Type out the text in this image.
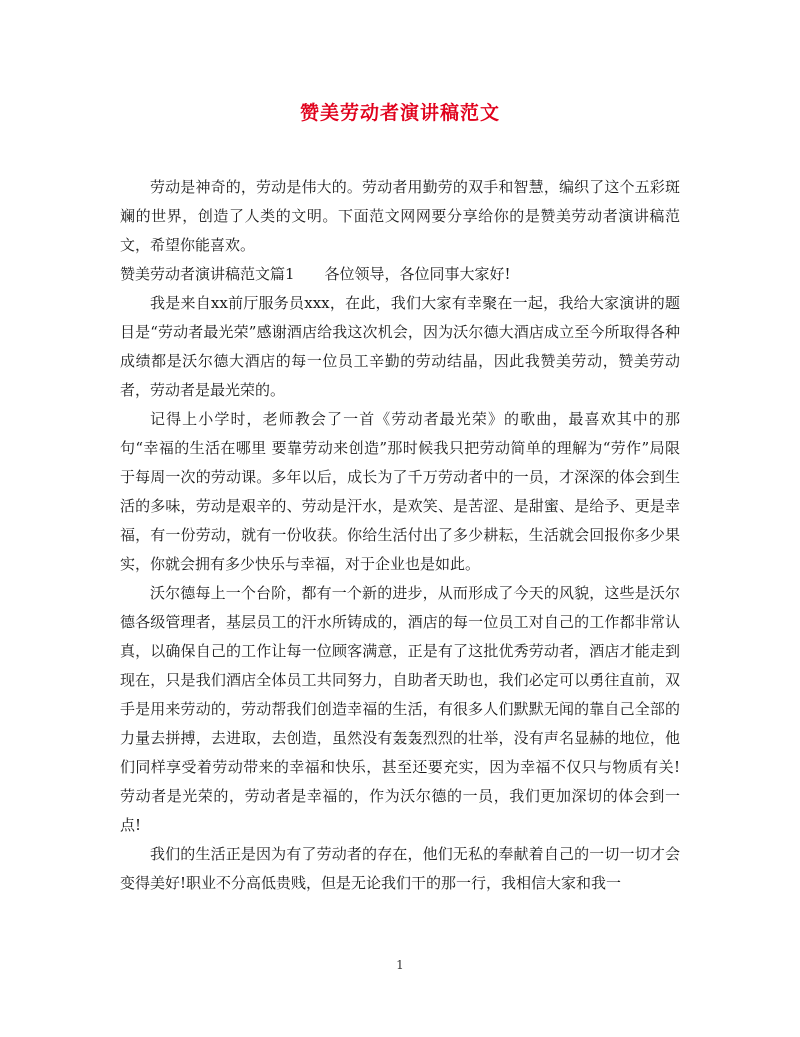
赞美劳动者演讲稿范文

劳动是神奇的，劳动是伟大的。劳动者用勤劳的双手和智慧，编织了这个五彩斑斓的世界，创造了人类的文明。下面范文网网要分享给你的是赞美劳动者演讲稿范文，希望你能喜欢。

赞美劳动者演讲稿范文篇1 各位领导，各位同事大家好!

我是来自xx前厅服务员xxx，在此，我们大家有幸聚在一起，我给大家演讲的题目是“劳动者最光荣”感谢酒店给我这次机会，因为沃尔德大酒店成立至今所取得各种成绩都是沃尔德大酒店的每一位员工辛勤的劳动结晶，因此我赞美劳动，赞美劳动者，劳动者是最光荣的。

记得上小学时，老师教会了一首《劳动者最光荣》的歌曲，最喜欢其中的那句“幸福的生活在哪里 要靠劳动来创造”那时候我只把劳动简单的理解为“劳作”局限于每周一次的劳动课。多年以后，成长为了千万劳动者中的一员，才深深的体会到生活的多味，劳动是艰辛的、劳动是汗水，是欢笑、是苦涩、是甜蜜、是给予、更是幸福，有一份劳动，就有一份收获。你给生活付出了多少耕耘，生活就会回报你多少果实，你就会拥有多少快乐与幸福，对于企业也是如此。

沃尔德每上一个台阶，都有一个新的进步，从而形成了今天的风貌，这些是沃尔德各级管理者，基层员工的汗水所铸成的，酒店的每一位员工对自己的工作都非常认真，以确保自己的工作让每一位顾客满意，正是有了这批优秀劳动者，酒店才能走到现在，只是我们酒店全体员工共同努力，自助者天助也，我们必定可以勇往直前，双手是用来劳动的，劳动帮我们创造幸福的生活，有很多人们默默无闻的靠自己全部的力量去拼搏，去进取，去创造，虽然没有轰轰烈烈的壮举，没有声名显赫的地位，他们同样享受着劳动带来的幸福和快乐，甚至还要充实，因为幸福不仅只与物质有关!劳动者是光荣的，劳动者是幸福的，作为沃尔德的一员，我们更加深切的体会到一点!

我们的生活正是因为有了劳动者的存在，他们无私的奉献着自己的一切一切才会变得美好!职业不分高低贵贱，但是无论我们干的那一行，我相信大家和我一

1
